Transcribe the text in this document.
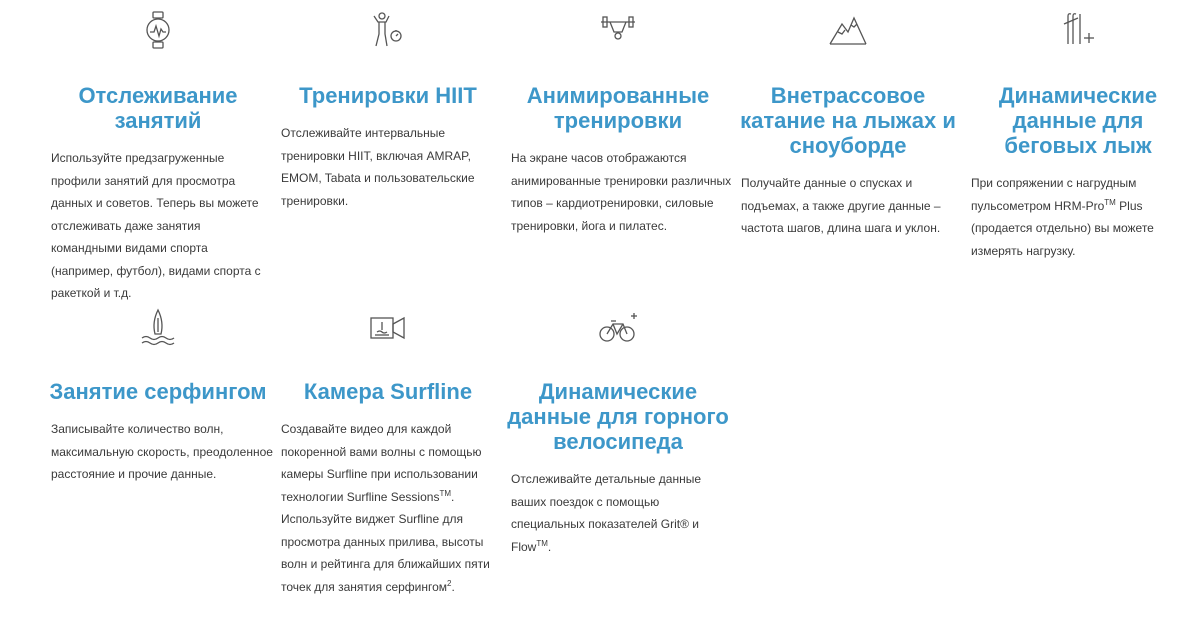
Отслеживание
занятий

Используйте предзагруженные профили занятий для просмотра данных и советов. Теперь вы можете отслеживать даже занятия командными видами спорта (например, футбол), видами спорта с ракеткой и т.д.

Тренировки HIIT

Отслеживайте интервальные тренировки HIIT, включая AMRAP, EMOM, Tabata и пользовательские тренировки.

Анимированные
тренировки

На экране часов отображаются анимированные тренировки различных типов – кардиотренировки, силовые тренировки, йога и пилатес.

Внетрассовое
катание на лыжах и
сноуборде

Получайте данные о спусках и подъемах, а также другие данные – частота шагов, длина шага и уклон.

Динамические
данные для
беговых лыж

При сопряжении с нагрудным пульсометром HRM-Pro™ Plus (продается отдельно) вы можете измерять нагрузку.

Занятие серфингом

Записывайте количество волн, максимальную скорость, преодоленное расстояние и прочие данные.

Камера Surfline

Создавайте видео для каждой покоренной вами волны с помощью камеры Surfline при использовании технологии Surfline Sessions™. Используйте виджет Surfline для просмотра данных прилива, высоты волн и рейтинга для ближайших пяти точек для занятия серфингом$^2$.

Динамические
данные для горного
велосипеда

Отслеживайте детальные данные ваших поездок с помощью специальных показателей Grit® и Flow™.
